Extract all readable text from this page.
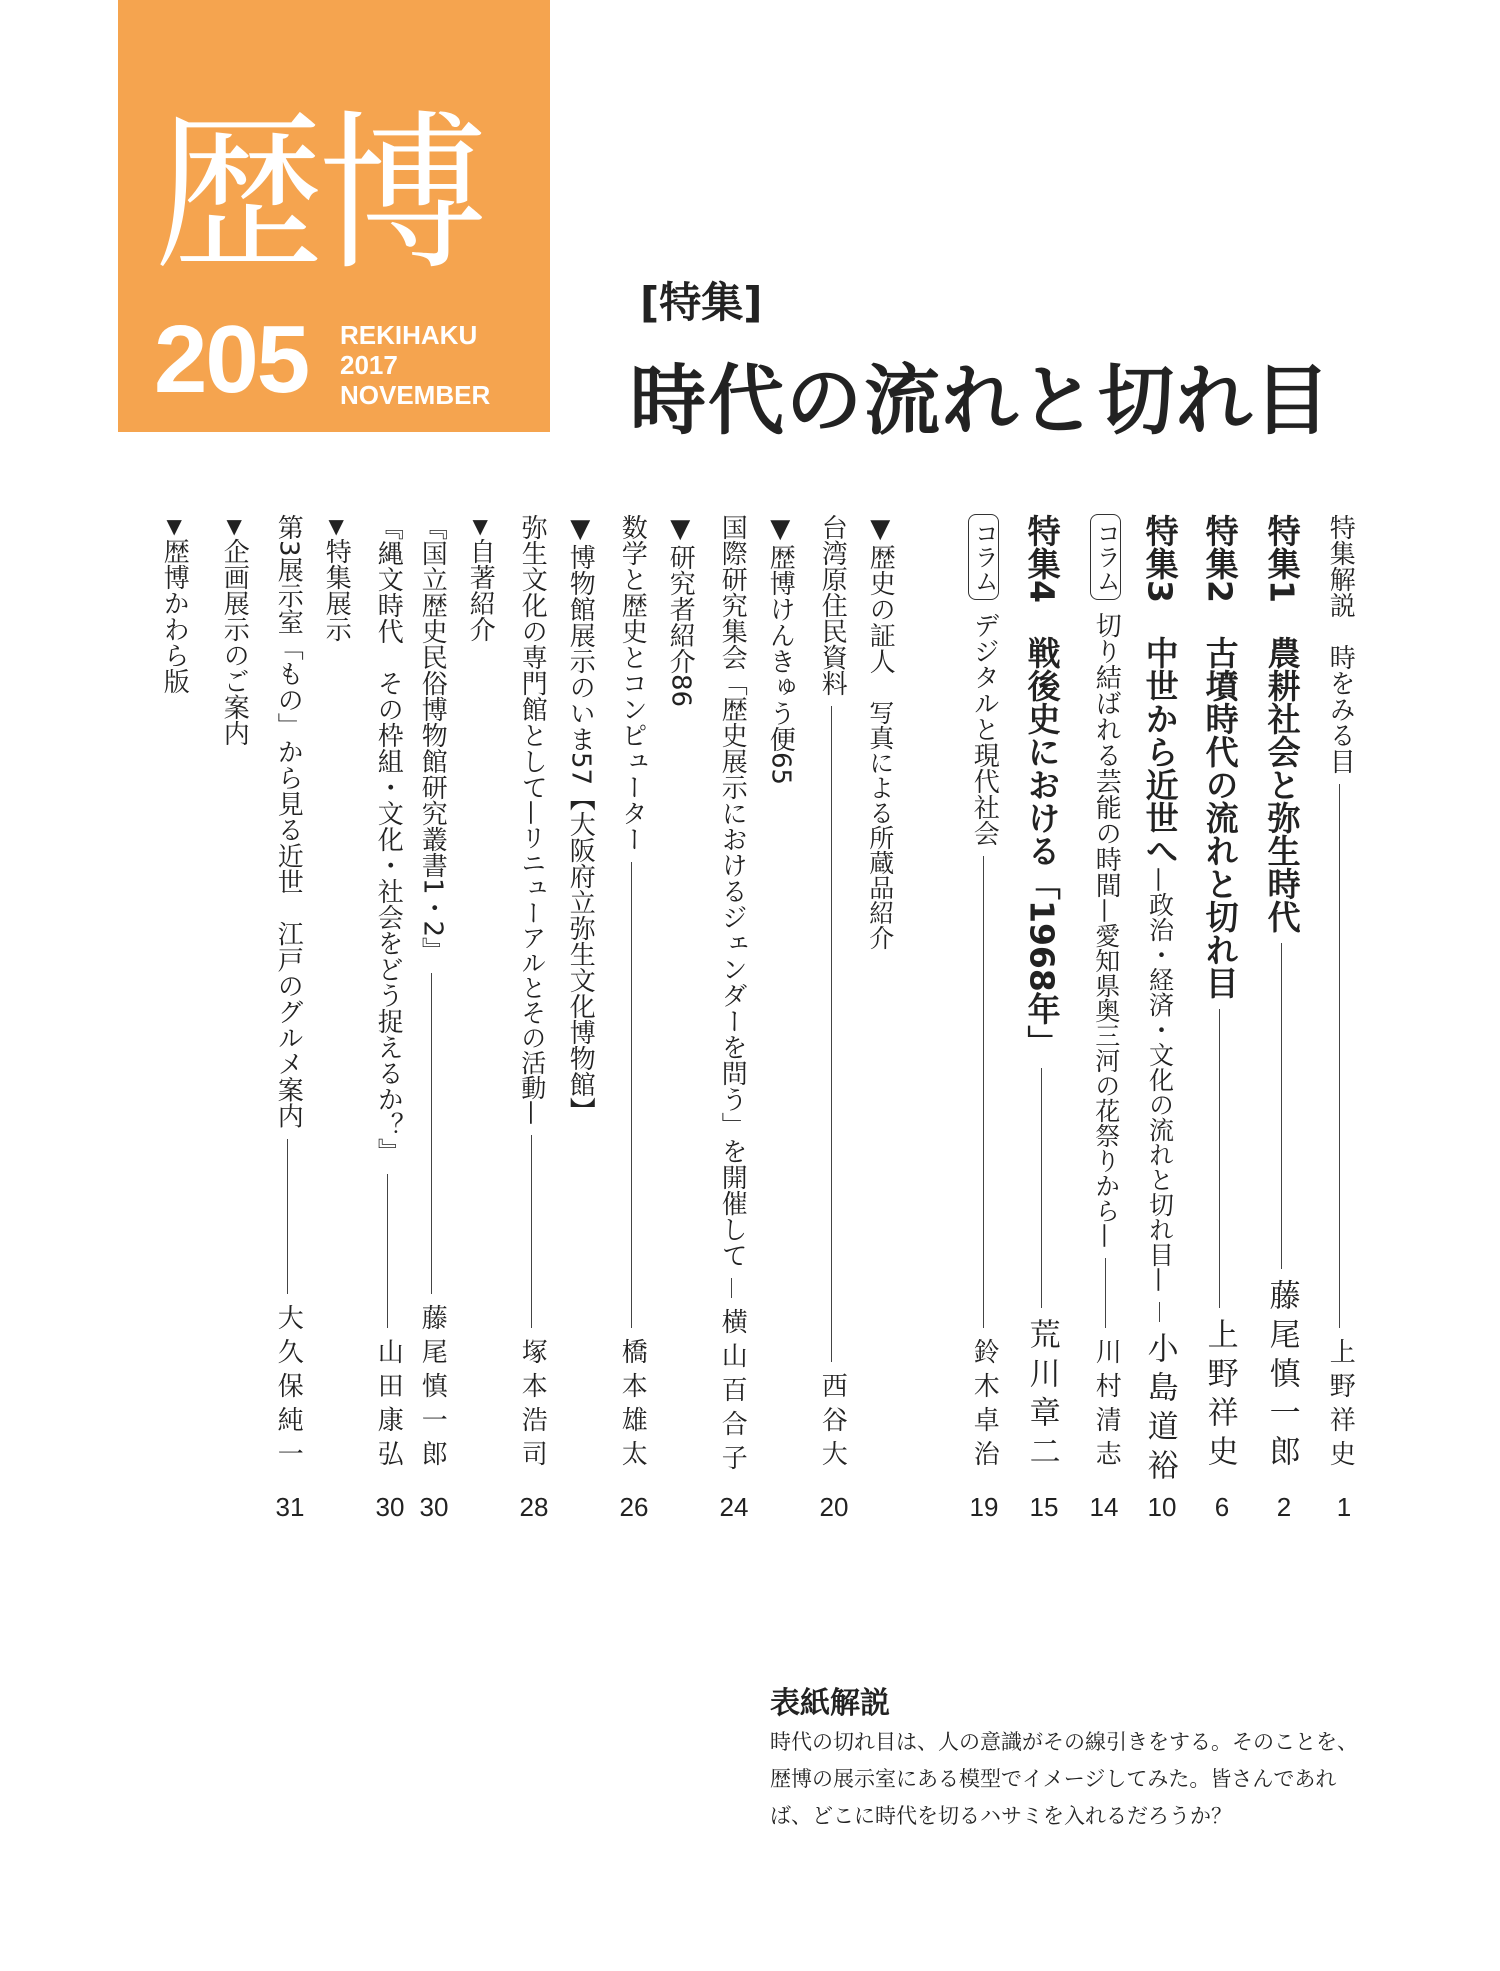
歴博
205 REKIHAKU
2017
NOVEMBER
[特集]
時代の流れと切れ目
特集解説　
時をみる目
上野祥史
1
特集1　
農耕社会と弥生時代
藤尾慎一郎
2
特集2　
古墳時代の流れと切れ目
上野祥史
6
特集3　
中世から近世へ
—政治・経済・文化の流れと切れ目—
小島道裕
10
コラム
切り結ばれる芸能の時間
—愛知県奥三河の花祭りから—
川村清志
14
特集4　
戦後史における「1968年」
荒川章二
15
コラム
デジタルと現代社会
鈴木卓治
19
▼歴史の証人　
写真による所蔵品紹介
台湾原住民資料
西谷大
20
▼歴博けんきゅう便
65
国際研究集会「歴史展示におけるジェンダーを問う」を開催して
横山百合子
24
▼研究者紹介
86
数学と歴史とコンピューター
橋本雄太
26
▼博物館展示のいま
57【大阪府立弥生文化博物館】
弥生文化の専門館として
—リニューアルとその活動—
塚本浩司
28
▼
自著紹介
『国立歴史民俗博物館研究叢書1・2』
藤尾慎一郎
30
『縄文時代　その枠組・文化・社会をどう捉えるか？』
山田康弘
30
▼
特集展示
第3展示室「もの」から見る近世　江戸のグルメ案内
大久保純一
31
▼
企画展示のご案内
▼
歴博かわら版
表紙解説
時代の切れ目は、人の意識がその線引きをする。そのことを、歴博の展示室にある模型でイメージしてみた。皆さんであれば、どこに時代を切るハサミを入れるだろうか？
